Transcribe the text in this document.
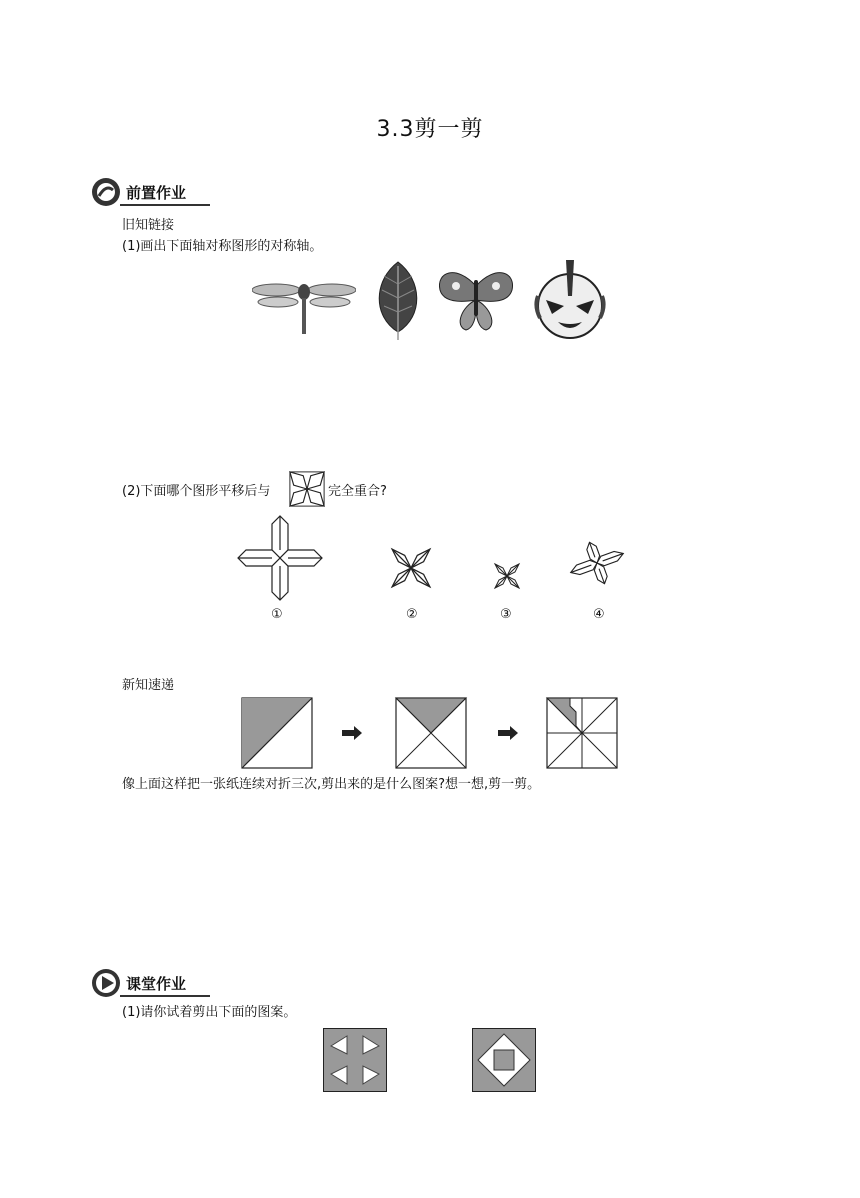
3.3剪一剪
前置作业
旧知链接
(1)画出下面轴对称图形的对称轴。
(2)下面哪个图形平移后与	完全重合?
①	②	③	④
新知速递
像上面这样把一张纸连续对折三次,剪出来的是什么图案?想一想,剪一剪。
课堂作业
(1)请你试着剪出下面的图案。
